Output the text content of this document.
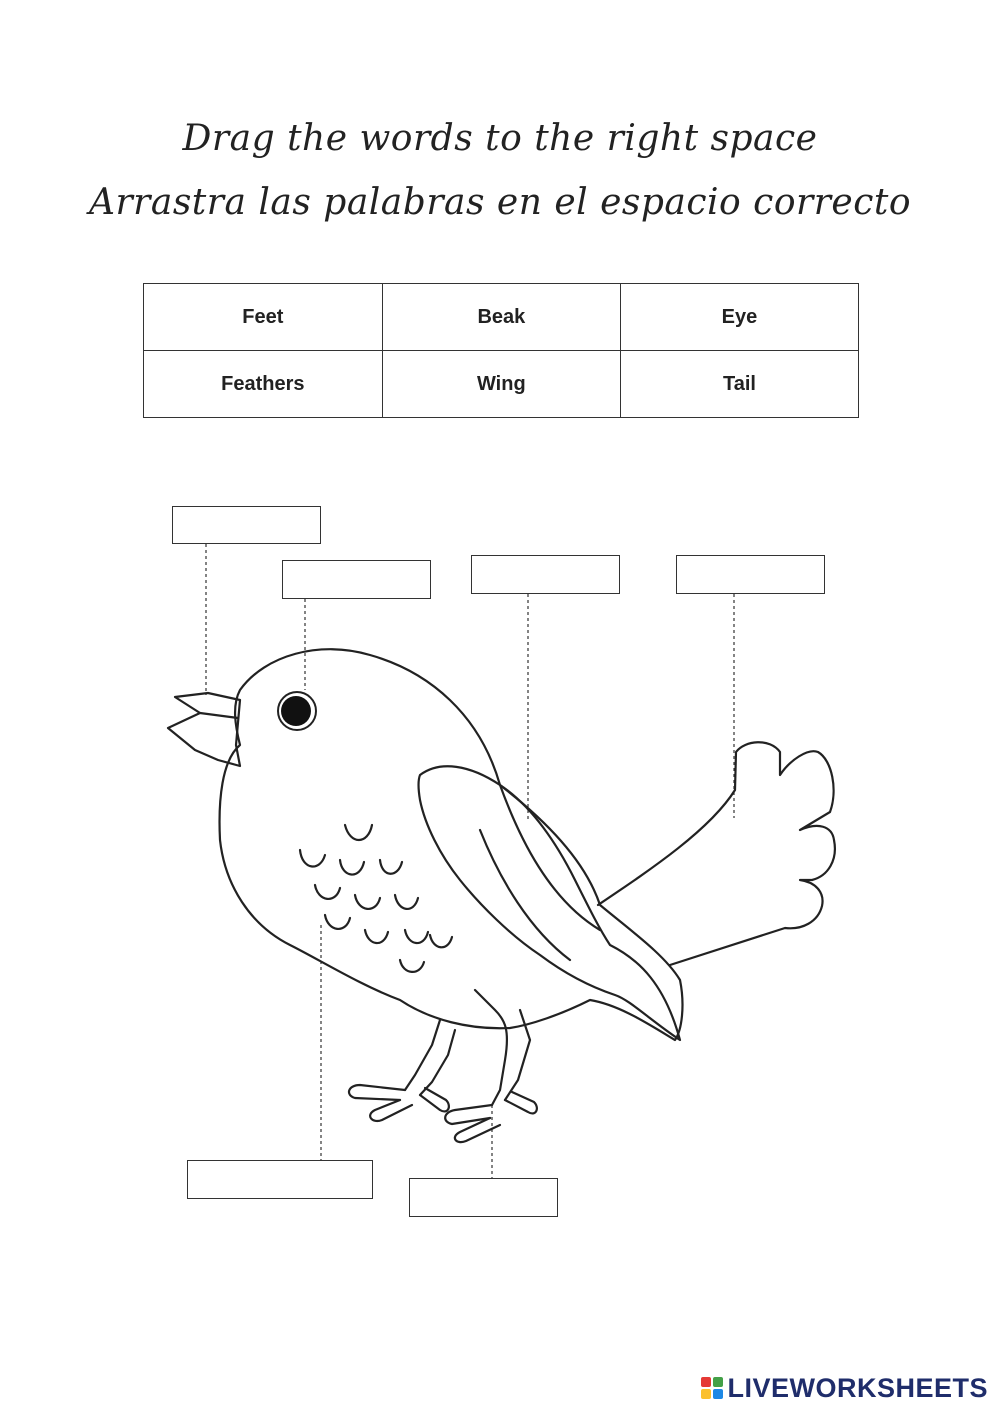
Drag the words to the right space
Arrastra las palabras en el espacio correcto
Feet	Beak	Eye
Feathers	Wing	Tail
LIVEWORKSHEETS
